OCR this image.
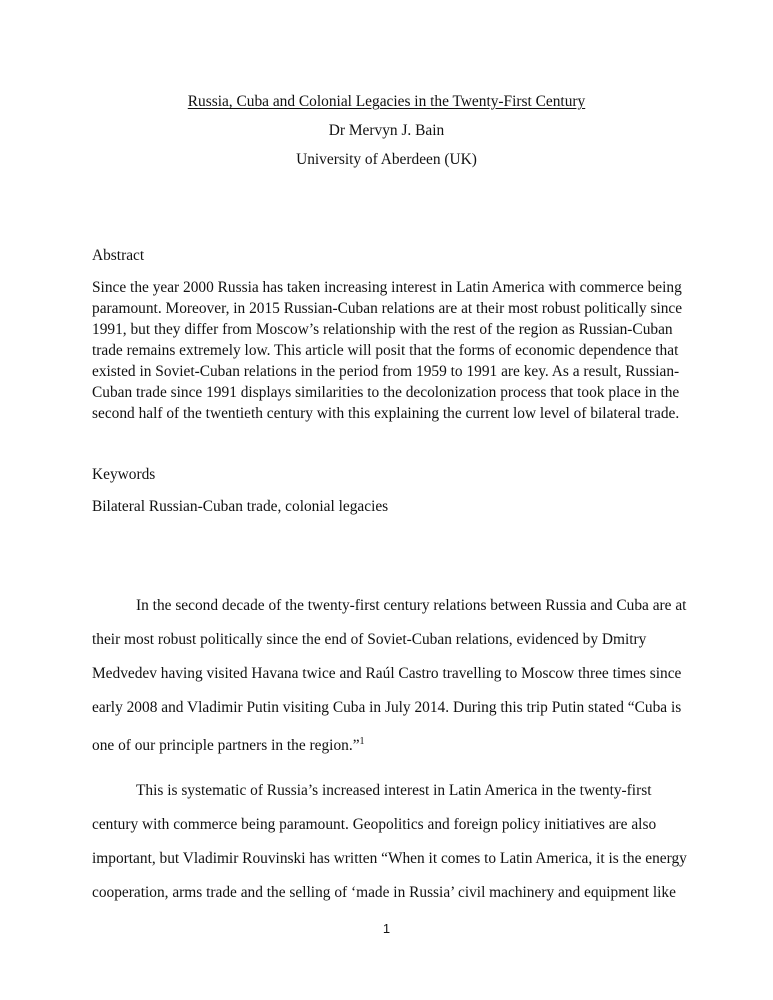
Russia, Cuba and Colonial Legacies in the Twenty-First Century
Dr Mervyn J. Bain
University of Aberdeen (UK)
Abstract
Since the year 2000 Russia has taken increasing interest in Latin America with commerce being
paramount. Moreover, in 2015 Russian-Cuban relations are at their most robust politically since
1991, but they differ from Moscow’s relationship with the rest of the region as Russian-Cuban
trade remains extremely low. This article will posit that the forms of economic dependence that
existed in Soviet-Cuban relations in the period from 1959 to 1991 are key. As a result, Russian-
Cuban trade since 1991 displays similarities to the decolonization process that took place in the
second half of the twentieth century with this explaining the current low level of bilateral trade.
Keywords
Bilateral Russian-Cuban trade, colonial legacies
In the second decade of the twenty-first century relations between Russia and Cuba are at
their most robust politically since the end of Soviet-Cuban relations, evidenced by Dmitry
Medvedev having visited Havana twice and Raúl Castro travelling to Moscow three times since
early 2008 and Vladimir Putin visiting Cuba in July 2014. During this trip Putin stated “Cuba is
one of our principle partners in the region.”$^1$
This is systematic of Russia’s increased interest in Latin America in the twenty-first
century with commerce being paramount. Geopolitics and foreign policy initiatives are also
important, but Vladimir Rouvinski has written “When it comes to Latin America, it is the energy
cooperation, arms trade and the selling of ‘made in Russia’ civil machinery and equipment like
1
